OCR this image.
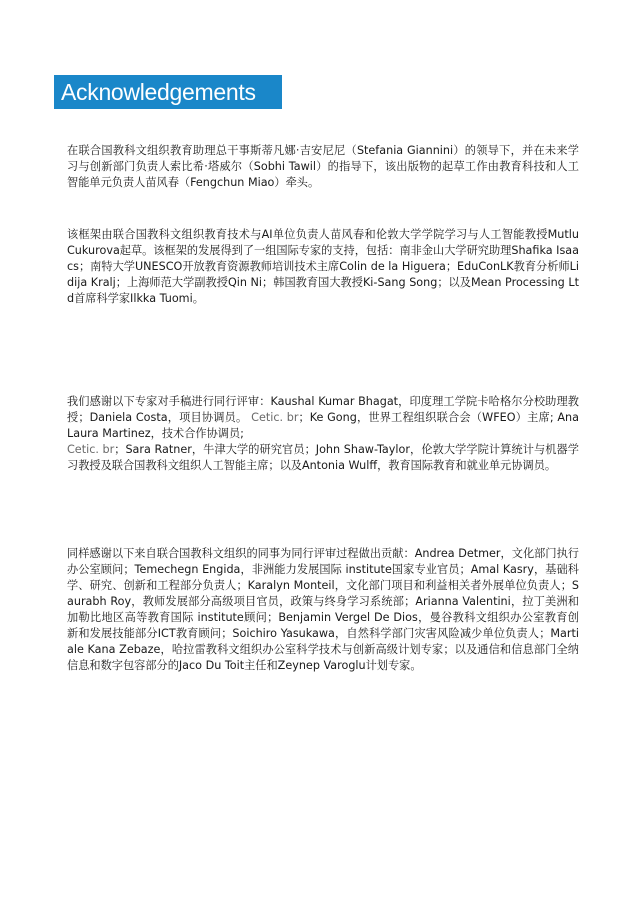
Acknowledgements

在联合国教科文组织教育助理总干事斯蒂凡娜·吉安尼尼（Stefania Giannini）的领导下，并在未来学习与创新部门负责人索比希·塔威尔（Sobhi Tawil）的指导下，该出版物的起草工作由教育科技和人工智能单元负责人苗风春（Fengchun Miao）牵头。

该框架由联合国教科文组织教育技术与AI单位负责人苗风春和伦敦大学学院学习与人工智能教授Mutlu Cukurova起草。该框架的发展得到了一组国际专家的支持，包括：南非金山大学研究助理Shafika Isaacs；南特大学UNESCO开放教育资源教师培训技术主席Colin de la Higuera；EduConLK教育分析师Lidija Kralj；上海师范大学副教授Qin Ni；韩国教育国大教授Ki-Sang Song；以及Mean Processing Ltd首席科学家Ilkka Tuomi。

我们感谢以下专家对手稿进行同行评审：Kaushal Kumar Bhagat，印度理工学院卡哈格尔分校助理教授；Daniela Costa，项目协调员。 Cetic. br；Ke Gong，世界工程组织联合会（WFEO）主席; Ana Laura Martinez，技术合作协调员;
Cetic. br；Sara Ratner，牛津大学的研究官员；John Shaw-Taylor，伦敦大学学院计算统计与机器学习教授及联合国教科文组织人工智能主席；以及Antonia Wulff，教育国际教育和就业单元协调员。

同样感谢以下来自联合国教科文组织的同事为同行评审过程做出贡献：Andrea Detmer，文化部门执行办公室顾问；Temechegn Engida，非洲能力发展国际 institute国家专业官员；Amal Kasry，基础科学、研究、创新和工程部分负责人；Karalyn Monteil，文化部门项目和利益相关者外展单位负责人；Saurabh Roy，教师发展部分高级项目官员，政策与终身学习系统部；Arianna Valentini，拉丁美洲和加勒比地区高等教育国际 institute顾问；Benjamin Vergel De Dios，曼谷教科文组织办公室教育创新和发展技能部分ICT教育顾问；Soichiro Yasukawa，自然科学部门灾害风险减少单位负责人；Martiale Kana Zebaze，哈拉雷教科文组织办公室科学技术与创新高级计划专家；以及通信和信息部门全纳信息和数字包容部分的Jaco Du Toit主任和Zeynep Varoglu计划专家。
